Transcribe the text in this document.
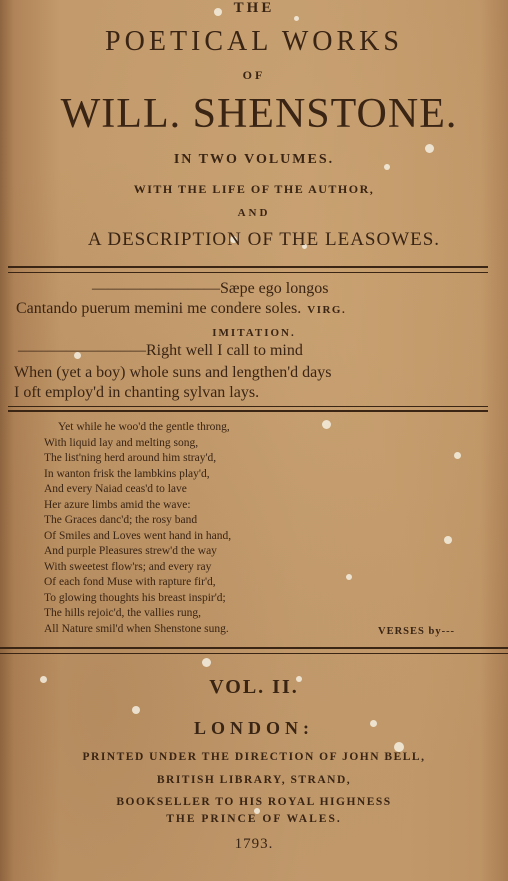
THE
POETICAL WORKS
OF
WILL. SHENSTONE.
IN TWO VOLUMES.
WITH THE LIFE OF THE AUTHOR,
AND
A DESCRIPTION OF THE LEASOWES.
————————Sæpe ego longos
Cantando puerum memini me condere soles. VIRG.
IMITATION.
————————Right well I call to mind
When (yet a boy) whole suns and lengthen'd days
I oft employ'd in chanting sylvan lays.
Yet while he woo'd the gentle throng,
With liquid lay and melting song,
The list'ning herd around him stray'd,
In wanton frisk the lambkins play'd,
And every Naiad ceas'd to lave
Her azure limbs amid the wave:
The Graces danc'd; the rosy band
Of Smiles and Loves went hand in hand,
And purple Pleasures strew'd the way
With sweetest flow'rs; and every ray
Of each fond Muse with rapture fir'd,
To glowing thoughts his breast inspir'd;
The hills rejoic'd, the vallies rung,
All Nature smil'd when Shenstone sung.	VERSES by---
VOL. II.
LONDON:
PRINTED UNDER THE DIRECTION OF JOHN BELL,
BRITISH LIBRARY, STRAND,
BOOKSELLER TO HIS ROYAL HIGHNESS
THE PRINCE OF WALES.
1793.
